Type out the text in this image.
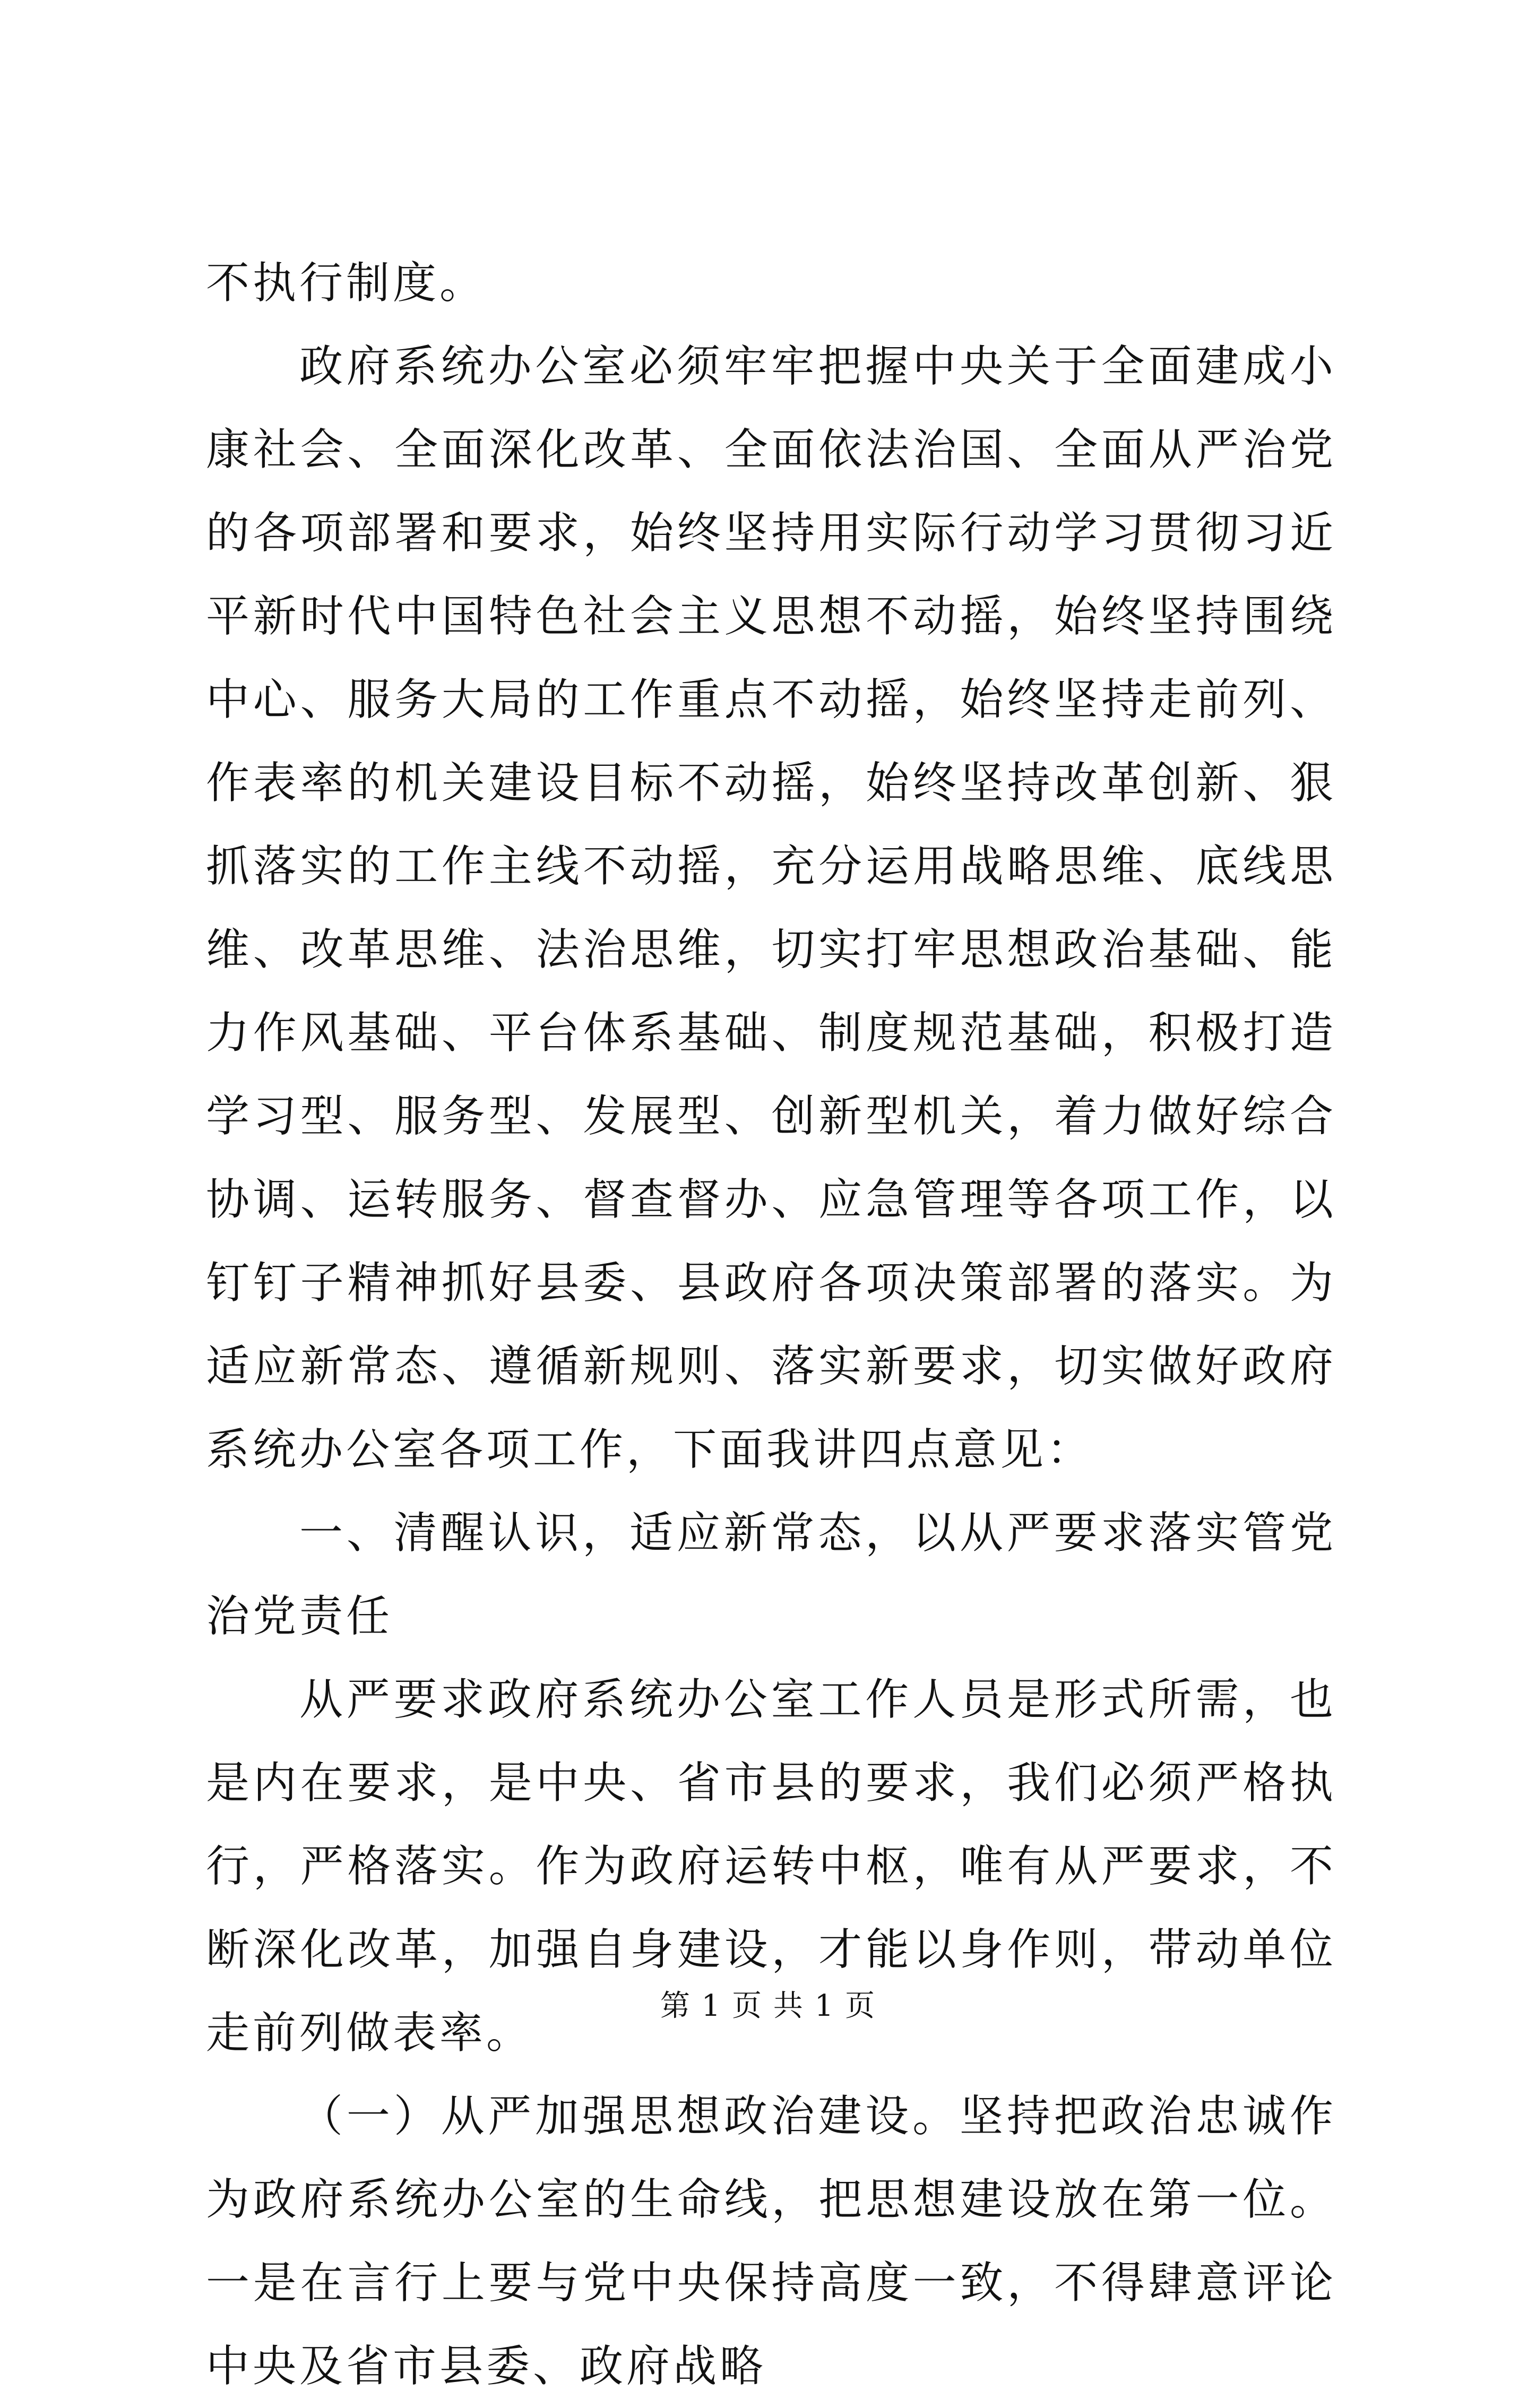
不执行制度。

政府系统办公室必须牢牢把握中央关于全面建成小康社会、全面深化改革、全面依法治国、全面从严治党的各项部署和要求，始终坚持用实际行动学习贯彻习近平新时代中国特色社会主义思想不动摇，始终坚持围绕中心、服务大局的工作重点不动摇，始终坚持走前列、作表率的机关建设目标不动摇，始终坚持改革创新、狠抓落实的工作主线不动摇，充分运用战略思维、底线思维、改革思维、法治思维，切实打牢思想政治基础、能力作风基础、平台体系基础、制度规范基础，积极打造学习型、服务型、发展型、创新型机关，着力做好综合协调、运转服务、督查督办、应急管理等各项工作，以钉钉子精神抓好县委、县政府各项决策部署的落实。为适应新常态、遵循新规则、落实新要求，切实做好政府系统办公室各项工作，下面我讲四点意见：

一、清醒认识，适应新常态，以从严要求落实管党治党责任

从严要求政府系统办公室工作人员是形式所需，也是内在要求，是中央、省市县的要求，我们必须严格执行，严格落实。作为政府运转中枢，唯有从严要求，不断深化改革，加强自身建设，才能以身作则，带动单位走前列做表率。

（一）从严加强思想政治建设。坚持把政治忠诚作为政府系统办公室的生命线，把思想建设放在第一位。一是在言行上要与党中央保持高度一致，不得肆意评论中央及省市县委、政府战略

第 1 页 共 1 页
